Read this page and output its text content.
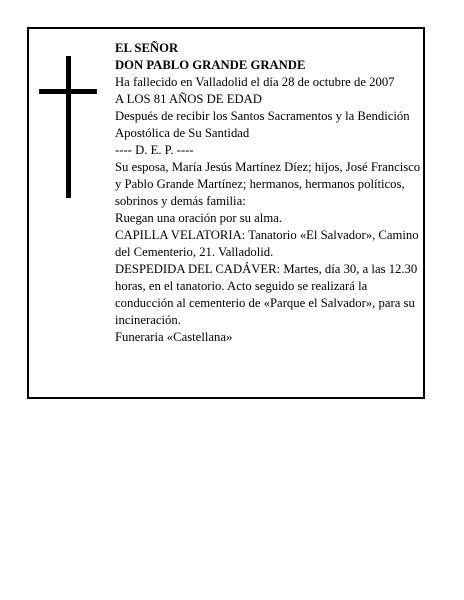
EL SEÑOR

DON PABLO GRANDE GRANDE

Ha fallecido en Valladolid el día 28 de octubre de 2007

A LOS 81 AÑOS DE EDAD

Después de recibir los Santos Sacramentos y la Bendición Apostólica de Su Santidad

---- D. E. P. ----

Su esposa, María Jesús Martínez Díez; hijos, José Francisco y Pablo Grande Martínez; hermanos, hermanos políticos, sobrinos y demás familia:

Ruegan una oración por su alma.

CAPILLA VELATORIA: Tanatorio «El Salvador», Camino del Cementerio, 21. Valladolid.

DESPEDIDA DEL CADÁVER: Martes, día 30, a las 12.30 horas, en el tanatorio. Acto seguido se realizará la conducción al cementerio de «Parque el Salvador», para su incineración.

Funeraria «Castellana»
